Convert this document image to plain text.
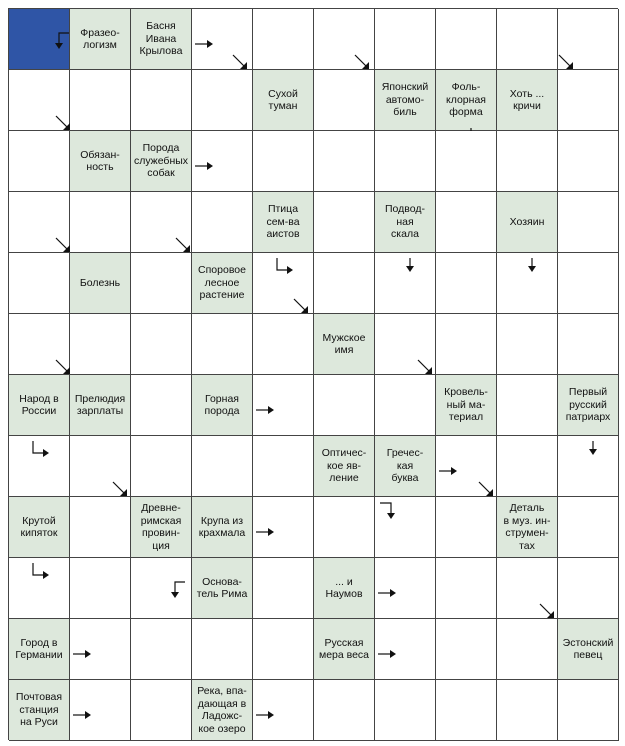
Фразео-
логизм
Басня
Ивана
Крылова
Сухой
туман
Японский
автомо-
биль
Фоль-
клорная
форма
Хоть ...
кричи
Обязан-
ность
Порода
служебных
собак
Птица
сем-ва
аистов
Подвод-
ная
скала
Хозяин
Болезнь
Споровое
лесное
растение
Мужское
имя
Народ в
России
Прелюдия
зарплаты
Горная
порода
Кровель-
ный ма-
териал
Первый
русский
патриарх
Оптичес-
кое яв-
ление
Гречес-
кая
буква
Крутой
кипяток
Древне-
римская
провин-
ция
Крупа из
крахмала
Деталь
в муз. ин-
струмен-
тах
Основа-
тель Рима
... и
Наумов
Город в
Германии
Русская
мера веса
Эстонский
певец
Почтовая
станция
на Руси
Река, впа-
дающая в
Ладожс-
кое озеро
